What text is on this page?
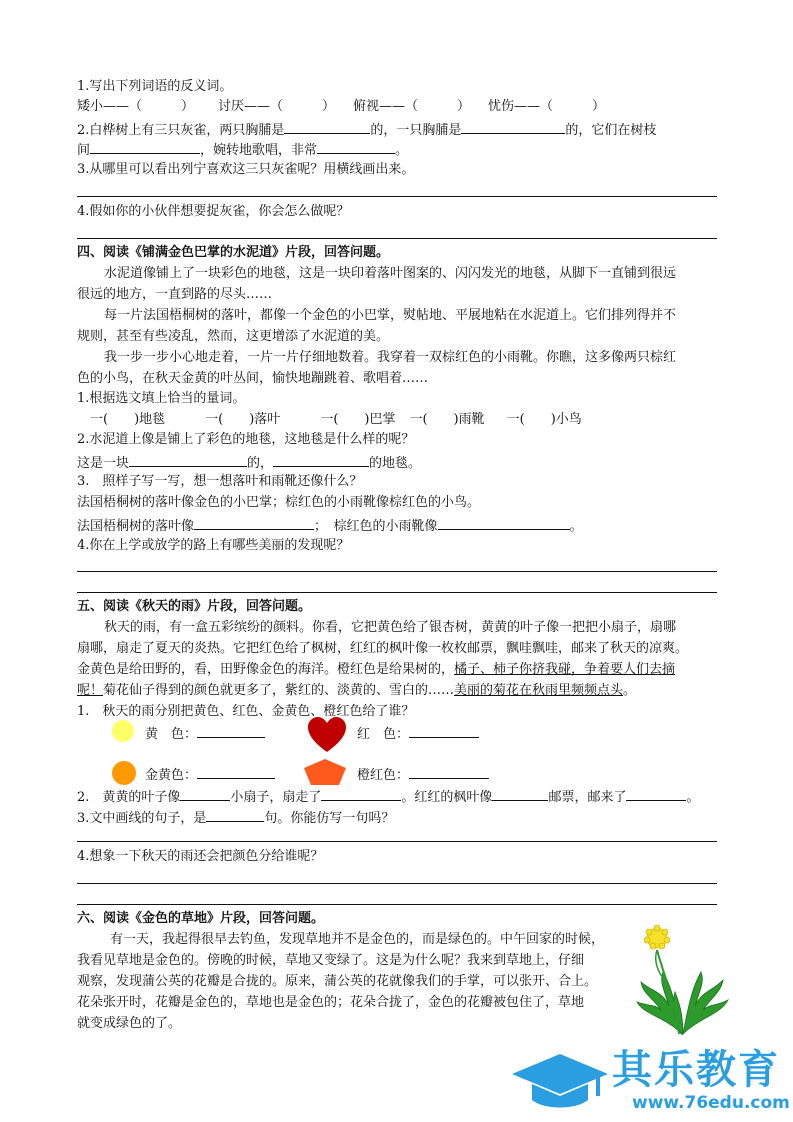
1.写出下列词语的反义词。
矮小——（　　　） 讨厌——（　　　） 俯视——（　　　） 忧伤——（　　　）
2.白桦树上有三只灰雀，两只胸脯是	的，一只胸脯是	的，它们在树枝
间	，婉转地歌唱，非常	。
3.从哪里可以看出列宁喜欢这三只灰雀呢？用横线画出来。
4.假如你的小伙伴想要捉灰雀，你会怎么做呢？
四、阅读《铺满金色巴掌的水泥道》片段，回答问题。
水泥道像铺上了一块彩色的地毯，这是一块印着落叶图案的、闪闪发光的地毯，从脚下一直铺到很远
很远的地方，一直到路的尽头……
每一片法国梧桐树的落叶，都像一个金色的小巴掌，熨帖地、平展地粘在水泥道上。它们排列得并不
规则，甚至有些凌乱，然而，这更增添了水泥道的美。
我一步一步小心地走着，一片一片仔细地数着。我穿着一双棕红色的小雨靴。你瞧，这多像两只棕红
色的小鸟，在秋天金黄的叶丛间，愉快地蹦跳着、歌唱着……
1.根据选文填上恰当的量词。
一(　　)地毯	一(　　)落叶	一(　　)巴掌 一(　　)雨靴 一(　　)小鸟
2.水泥道上像是铺上了彩色的地毯，这地毯是什么样的呢？
这是一块	的，	的地毯。
3.　照样子写一写，想一想落叶和雨靴还像什么？
法国梧桐树的落叶像金色的小巴掌；棕红色的小雨靴像棕红色的小鸟。
法国梧桐树的落叶像	；　棕红色的小雨靴像	。
4.你在上学或放学的路上有哪些美丽的发现呢？
五、阅读《秋天的雨》片段，回答问题。
秋天的雨，有一盒五彩缤纷的颜料。你看，它把黄色给了银杏树，黄黄的叶子像一把把小扇子，扇哪
扇哪，扇走了夏天的炎热。它把红色给了枫树，红红的枫叶像一枚枚邮票，飘哇飘哇，邮来了秋天的凉爽。
金黄色是给田野的，看，田野像金色的海洋。橙红色是给果树的，橘子、柿子你挤我碰，争着要人们去摘
呢！菊花仙子得到的颜色就更多了，紫红的、淡黄的、雪白的……美丽的菊花在秋雨里频频点头。
1.　秋天的雨分别把黄色、红色、金黄色、橙红色给了谁？
黄　色：	红　色：
金黄色：	橙红色：
2.　黄黄的叶子像	小扇子，扇走了	。红红的枫叶像	邮票，邮来了	。
3.文中画线的句子，是	句。你能仿写一句吗？
4.想象一下秋天的雨还会把颜色分给谁呢？
六、阅读《金色的草地》片段，回答问题。
有一天，我起得很早去钓鱼，发现草地并不是金色的，而是绿色的。中午回家的时候，
我看见草地是金色的。傍晚的时候，草地又变绿了。这是为什么呢？我来到草地上，仔细
观察，发现蒲公英的花瓣是合拢的。原来，蒲公英的花就像我们的手掌，可以张开、合上。
花朵张开时，花瓣是金色的，草地也是金色的；花朵合拢了，金色的花瓣被包住了，草地
就变成绿色的了。
其乐教育
www.76edu.com
